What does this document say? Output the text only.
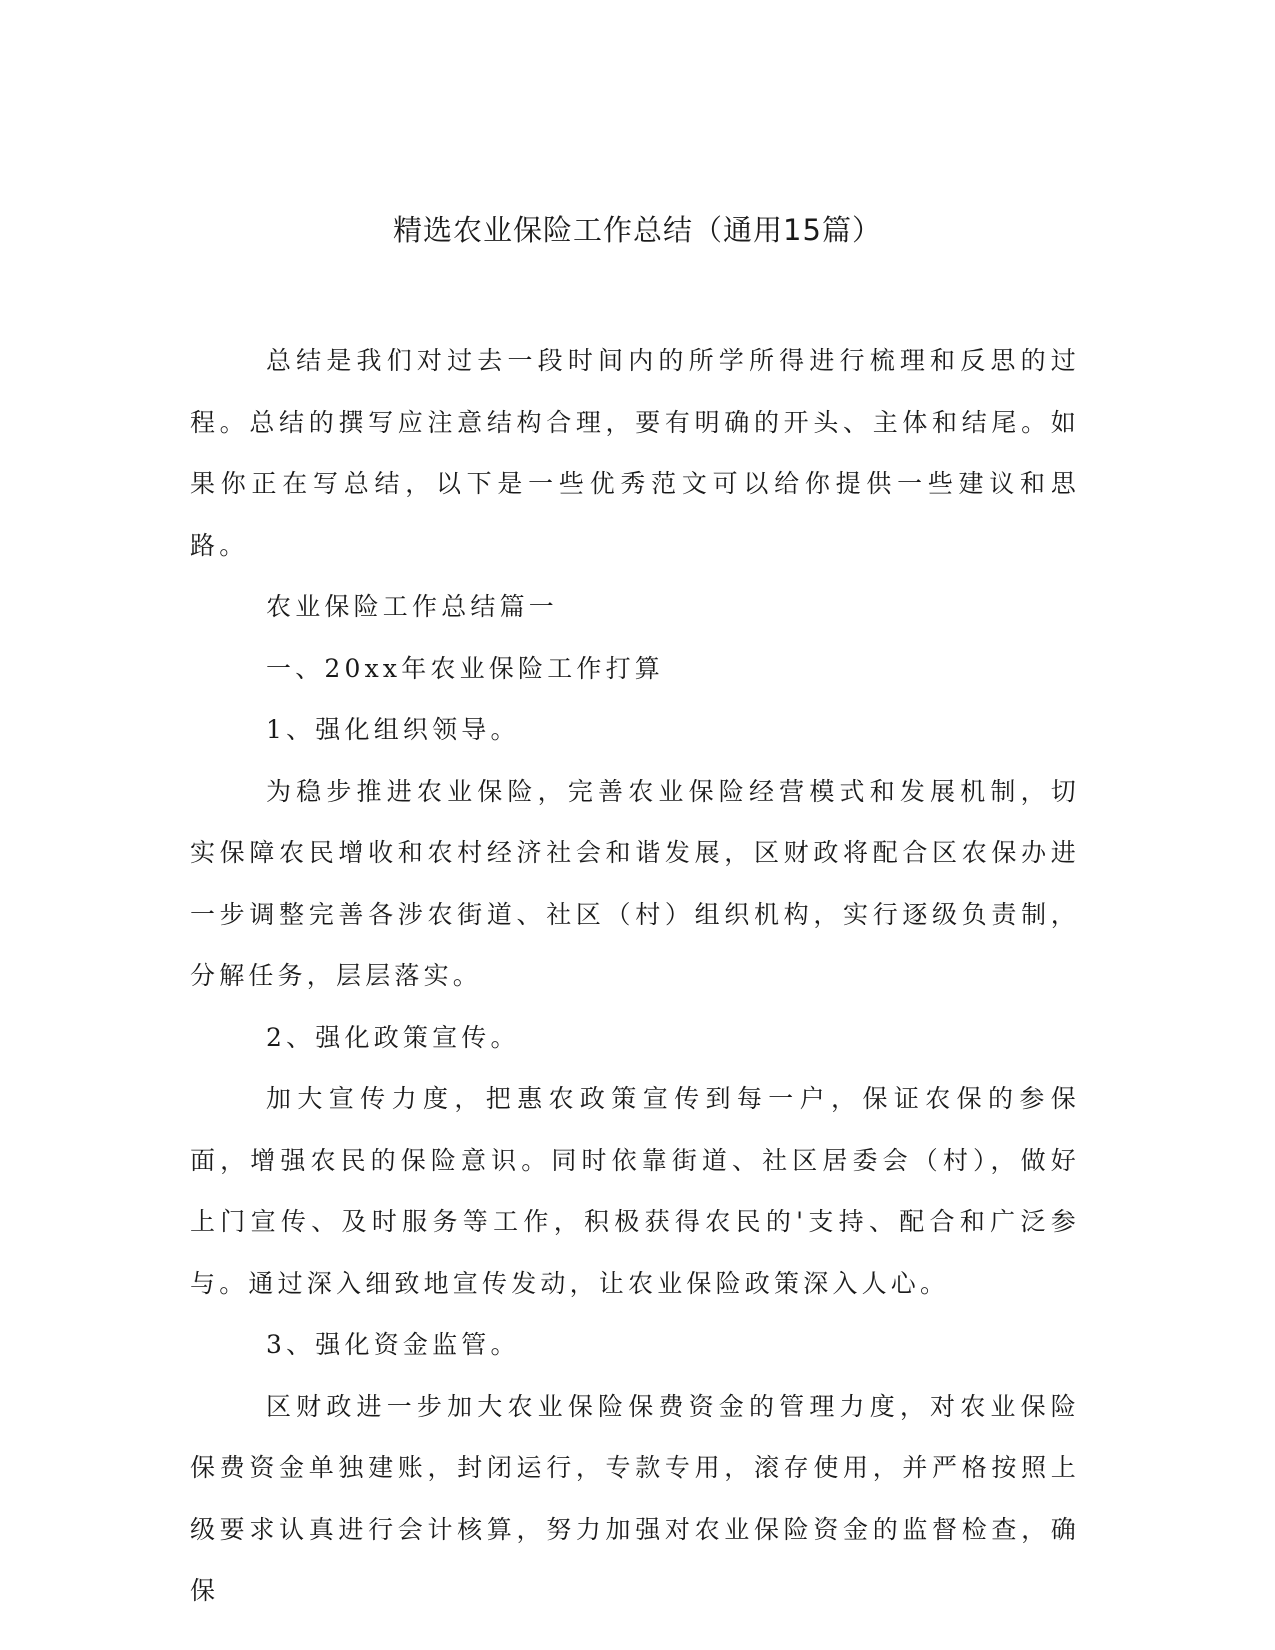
精选农业保险工作总结（通用15篇）

总结是我们对过去一段时间内的所学所得进行梳理和反思的过程。总结的撰写应注意结构合理，要有明确的开头、主体和结尾。如果你正在写总结，以下是一些优秀范文可以给你提供一些建议和思路。

农业保险工作总结篇一

一、20xx年农业保险工作打算

1、强化组织领导。

为稳步推进农业保险，完善农业保险经营模式和发展机制，切实保障农民增收和农村经济社会和谐发展，区财政将配合区农保办进一步调整完善各涉农街道、社区（村）组织机构，实行逐级负责制，分解任务，层层落实。

2、强化政策宣传。

加大宣传力度，把惠农政策宣传到每一户，保证农保的参保面，增强农民的保险意识。同时依靠街道、社区居委会（村），做好上门宣传、及时服务等工作，积极获得农民的'支持、配合和广泛参与。通过深入细致地宣传发动，让农业保险政策深入人心。

3、强化资金监管。

区财政进一步加大农业保险保费资金的管理力度，对农业保险保费资金单独建账，封闭运行，专款专用，滚存使用，并严格按照上级要求认真进行会计核算，努力加强对农业保险资金的监督检查，确保
